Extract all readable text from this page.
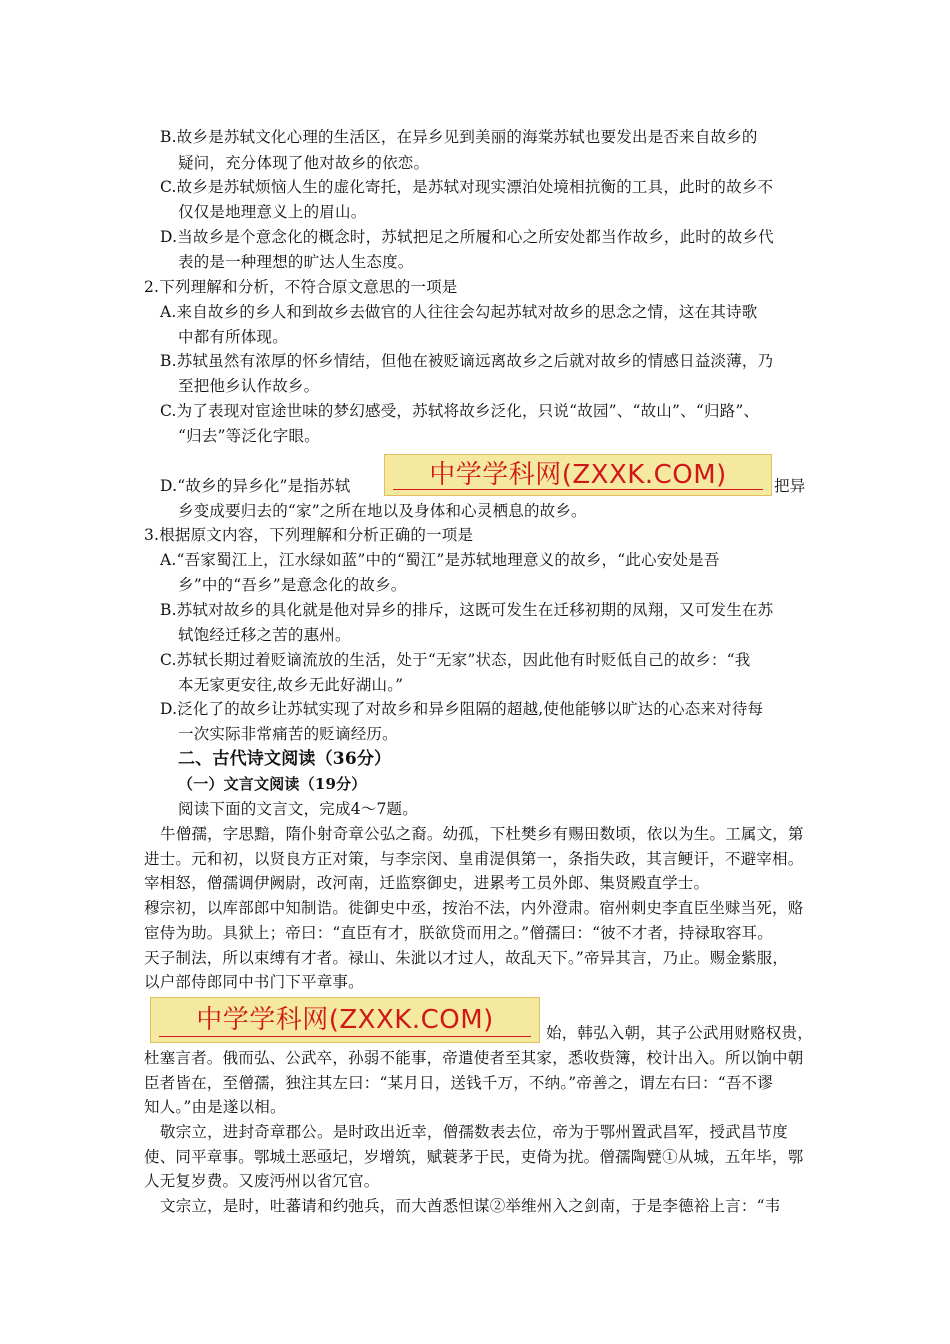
B.故乡是苏轼文化心理的生活区，在异乡见到美丽的海棠苏轼也要发出是否来自故乡的
疑问，充分体现了他对故乡的依恋。
C.故乡是苏轼烦恼人生的虚化寄托，是苏轼对现实漂泊处境相抗衡的工具，此时的故乡不
仅仅是地理意义上的眉山。
D.当故乡是个意念化的概念时，苏轼把足之所履和心之所安处都当作故乡，此时的故乡代
表的是一种理想的旷达人生态度。
2.下列理解和分析，不符合原文意思的一项是
A.来自故乡的乡人和到故乡去做官的人往往会勾起苏轼对故乡的思念之情，这在其诗歌
中都有所体现。
B.苏轼虽然有浓厚的怀乡情结，但他在被贬谪远离故乡之后就对故乡的情感日益淡薄，乃
至把他乡认作故乡。
C.为了表现对宦途世味的梦幻感受，苏轼将故乡泛化，只说“故园”、“故山”、“归路”、
“归去”等泛化字眼。
D.“故乡的异乡化”是指苏轼	中学学科网(ZXXK.COM)	把异
乡变成要归去的“家”之所在地以及身体和心灵栖息的故乡。
3.根据原文内容，下列理解和分析正确的一项是
A.“吾家蜀江上，江水绿如蓝”中的“蜀江”是苏轼地理意义的故乡，“此心安处是吾
乡”中的“吾乡”是意念化的故乡。
B.苏轼对故乡的具化就是他对异乡的排斥，这既可发生在迁移初期的凤翔，又可发生在苏
轼饱经迁移之苦的惠州。
C.苏轼长期过着贬谪流放的生活，处于“无家”状态，因此他有时贬低自己的故乡：“我
本无家更安往,故乡无此好湖山。”
D.泛化了的故乡让苏轼实现了对故乡和异乡阻隔的超越,使他能够以旷达的心态来对待每
一次实际非常痛苦的贬谪经历。
二、古代诗文阅读（36分）
（一）文言文阅读（19分）
阅读下面的文言文，完成4～7题。
牛僧孺，字思黯，隋仆射奇章公弘之裔。幼孤，下杜樊乡有赐田数顷，依以为生。工属文，第
进士。元和初，以贤良方正对策，与李宗闵、皇甫湜俱第一，条指失政，其言鲠讦，不避宰相。
宰相怒，僧孺调伊阙尉，改河南，迁监察御史，进累考工员外郎、集贤殿直学士。
穆宗初，以库部郎中知制诰。徙御史中丞，按治不法，内外澄肃。宿州刺史李直臣坐赇当死，赂
宦侍为助。具狱上；帝曰：“直臣有才，朕欲贷而用之。”僧孺曰：“彼不才者，持禄取容耳。
天子制法，所以束缚有才者。禄山、朱泚以才过人，故乱天下。”帝异其言，乃止。赐金紫服，
以户部侍郎同中书门下平章事。
中学学科网(ZXXK.COM)	始，韩弘入朝，其子公武用财赂权贵，
杜塞言者。俄而弘、公武卒，孙弱不能事，帝遣使者至其家，悉收赀簿，校计出入。所以饷中朝
臣者皆在，至僧孺，独注其左曰：“某月日，送钱千万，不纳。”帝善之，谓左右曰：“吾不谬
知人。”由是遂以相。
敬宗立，进封奇章郡公。是时政出近幸，僧孺数表去位，帝为于鄂州置武昌军，授武昌节度
使、同平章事。鄂城土恶亟圮，岁增筑，赋蓑茅于民，吏倚为扰。僧孺陶甓①从城，五年毕，鄂
人无复岁费。又废沔州以省冗官。
文宗立，是时，吐蕃请和约弛兵，而大酋悉怛谋②举维州入之剑南，于是李德裕上言：“韦
